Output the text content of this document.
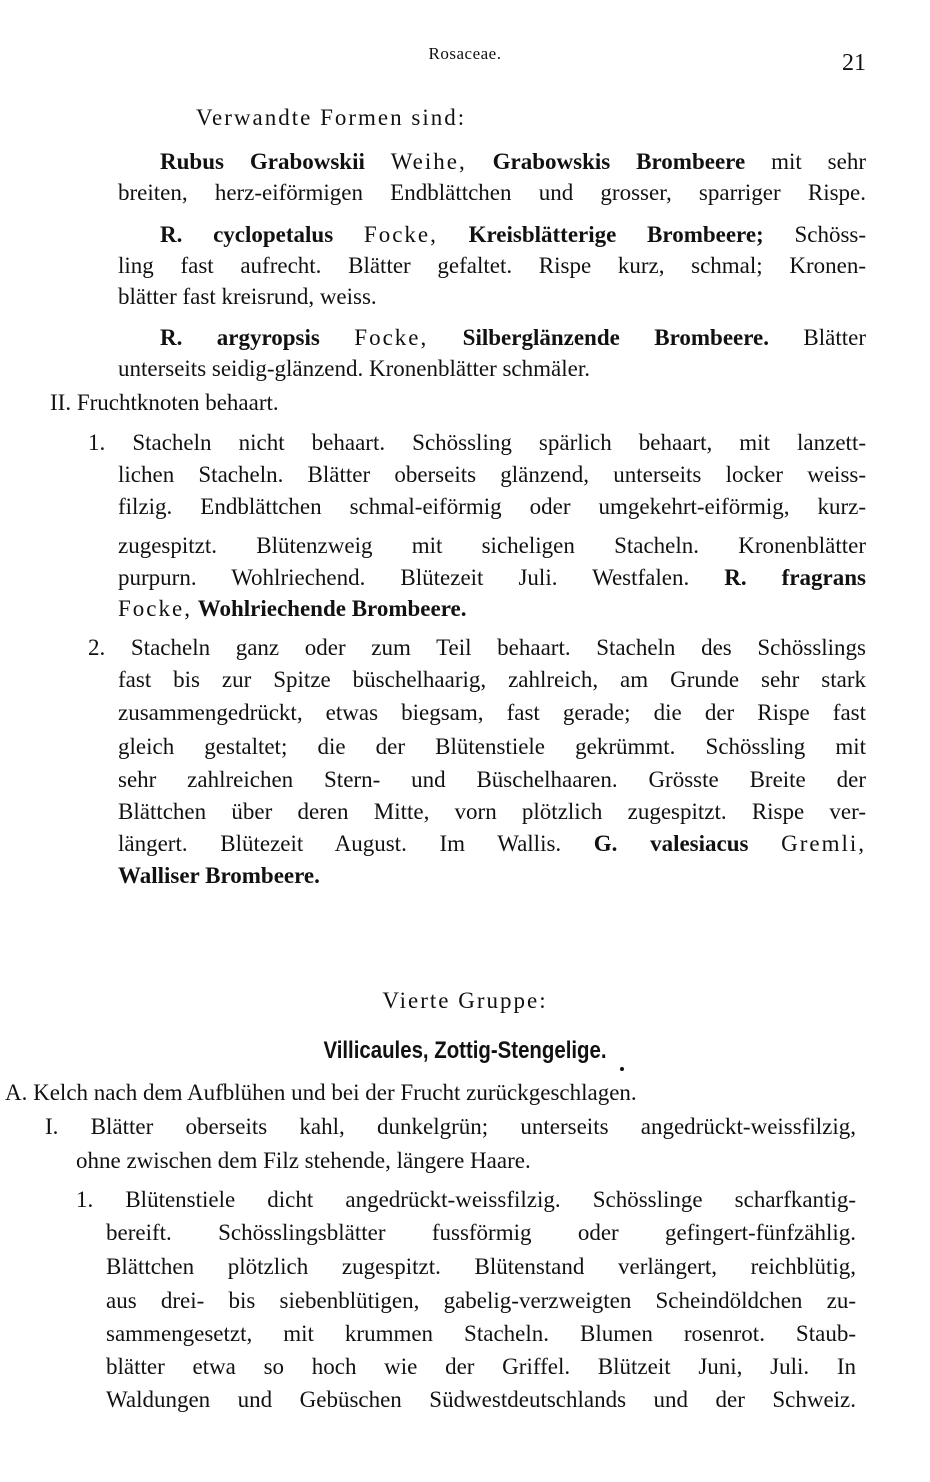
Rosaceae.	21
Verwandte Formen sind:
Rubus Grabowskii Weihe, Grabowskis Brombeere mit sehr
breiten, herz-eiförmigen Endblättchen und grosser, sparriger Rispe.
R. cyclopetalus Focke, Kreisblätterige Brombeere; Schöss-
ling fast aufrecht. Blätter gefaltet. Rispe kurz, schmal; Kronen-
blätter fast kreisrund, weiss.
R. argyropsis Focke, Silberglänzende Brombeere. Blätter
unterseits seidig-glänzend. Kronenblätter schmäler.
II. Fruchtknoten behaart.
1. Stacheln nicht behaart. Schössling spärlich behaart, mit lanzett-
lichen Stacheln. Blätter oberseits glänzend, unterseits locker weiss-
filzig. Endblättchen schmal-eiförmig oder umgekehrt-eiförmig, kurz-
zugespitzt. Blütenzweig mit sicheligen Stacheln. Kronenblätter
purpurn. Wohlriechend. Blütezeit Juli. Westfalen. R. fragrans
Focke, Wohlriechende Brombeere.
2. Stacheln ganz oder zum Teil behaart. Stacheln des Schösslings
fast bis zur Spitze büschelhaarig, zahlreich, am Grunde sehr stark
zusammengedrückt, etwas biegsam, fast gerade; die der Rispe fast
gleich gestaltet; die der Blütenstiele gekrümmt. Schössling mit
sehr zahlreichen Stern- und Büschelhaaren. Grösste Breite der
Blättchen über deren Mitte, vorn plötzlich zugespitzt. Rispe ver-
längert. Blütezeit August. Im Wallis. G. valesiacus Gremli,
Walliser Brombeere.
Vierte Gruppe:
Villicaules, Zottig-Stengelige.
A. Kelch nach dem Aufblühen und bei der Frucht zurückgeschlagen.
I. Blätter oberseits kahl, dunkelgrün; unterseits angedrückt-weissfilzig,
ohne zwischen dem Filz stehende, längere Haare.
1. Blütenstiele dicht angedrückt-weissfilzig. Schösslinge scharfkantig-
bereift. Schösslingsblätter fussförmig oder gefingert-fünfzählig.
Blättchen plötzlich zugespitzt. Blütenstand verlängert, reichblütig,
aus drei- bis siebenblütigen, gabelig-verzweigten Scheindöldchen zu-
sammengesetzt, mit krummen Stacheln. Blumen rosenrot. Staub-
blätter etwa so hoch wie der Griffel. Blützeit Juni, Juli. In
Waldungen und Gebüschen Südwestdeutschlands und der Schweiz.
